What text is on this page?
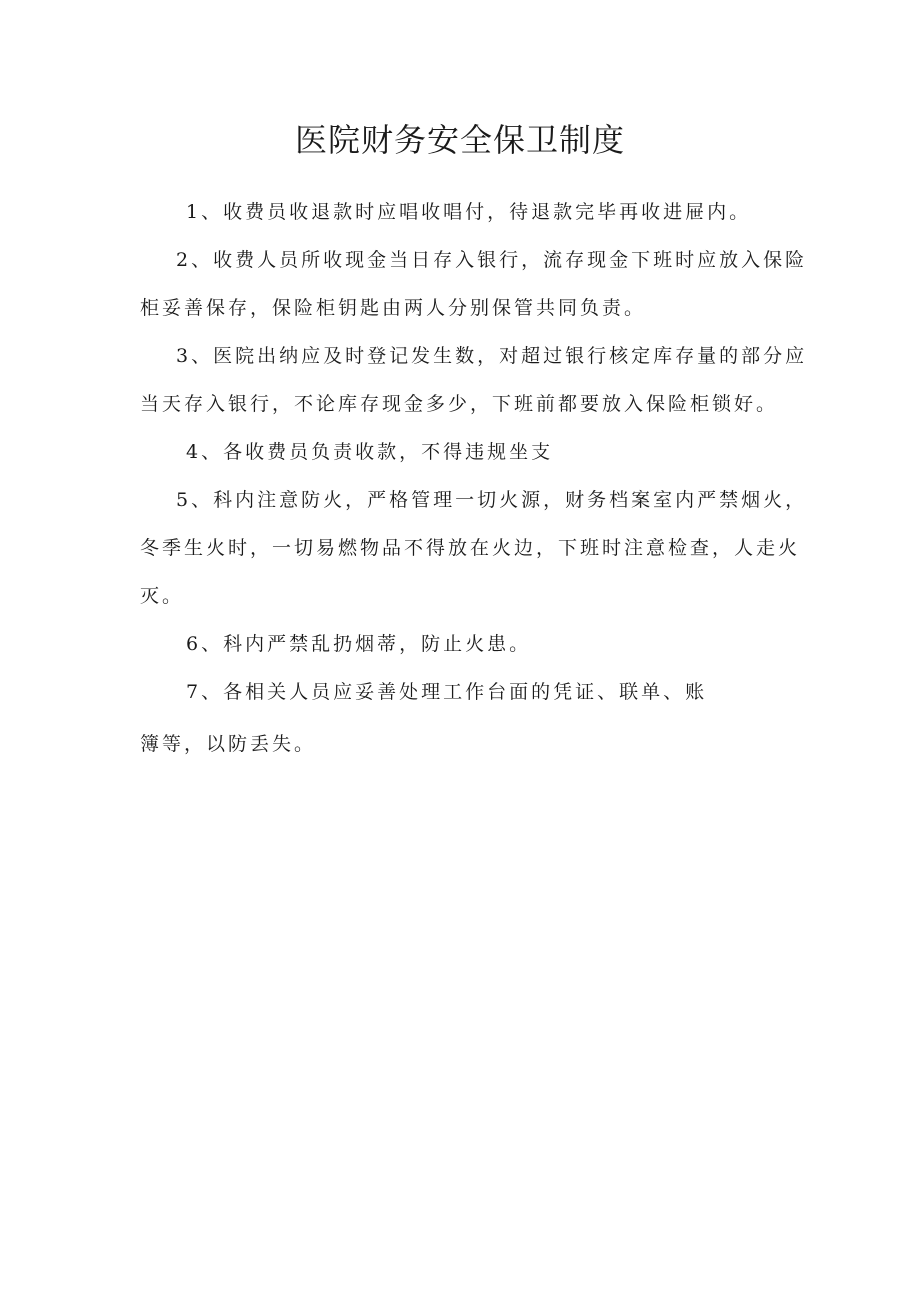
医院财务安全保卫制度

1、收费员收退款时应唱收唱付，待退款完毕再收进屉内。

2、收费人员所收现金当日存入银行，流存现金下班时应放入保险柜妥善保存，保险柜钥匙由两人分别保管共同负责。

3、医院出纳应及时登记发生数，对超过银行核定库存量的部分应当天存入银行，不论库存现金多少，下班前都要放入保险柜锁好。

4、各收费员负责收款，不得违规坐支

5、科内注意防火，严格管理一切火源，财务档案室内严禁烟火，冬季生火时，一切易燃物品不得放在火边，下班时注意检查，人走火灭。

6、科内严禁乱扔烟蒂，防止火患。

7、各相关人员应妥善处理工作台面的凭证、联单、账
簿等，以防丢失。
